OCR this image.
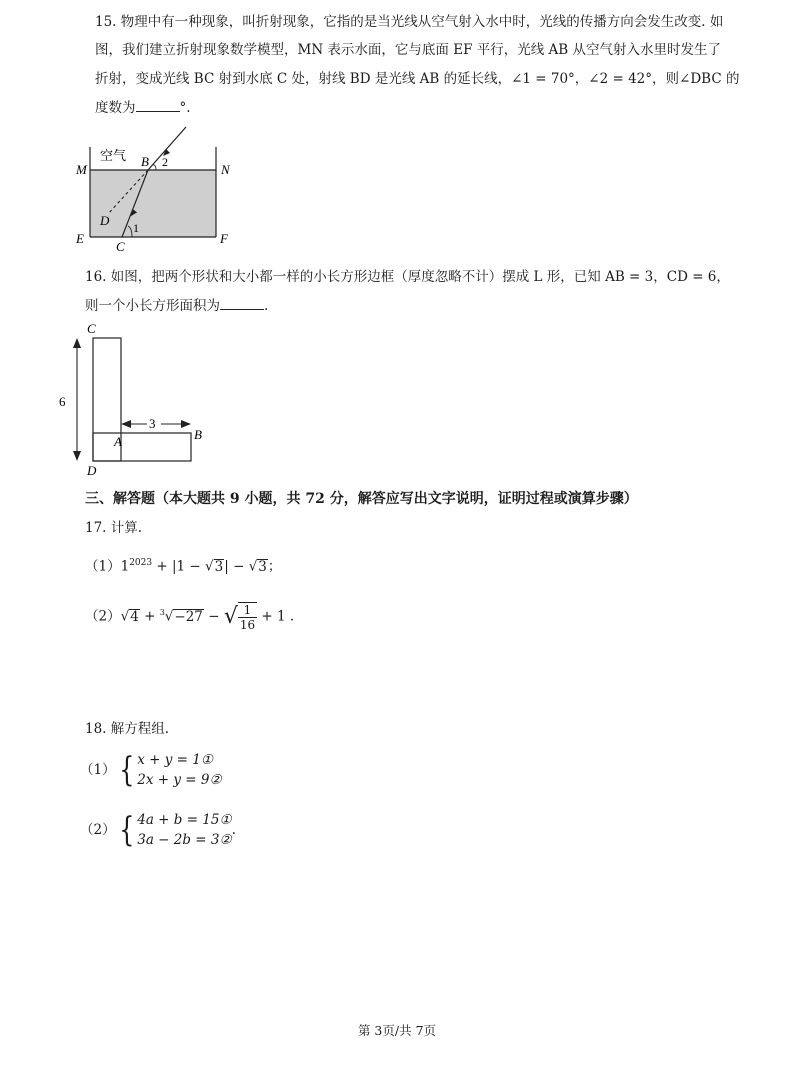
15. 物理中有一种现象，叫折射现象，它指的是当光线从空气射入水中时，光线的传播方向会发生改变. 如
图，我们建立折射现象数学模型，MN 表示水面，它与底面 EF 平行，光线 AB 从空气射入水里时发生了
折射，变成光线 BC 射到水底 C 处，射线 BD 是光线 AB 的延长线，∠1 = 70°，∠2 = 42°，则∠DBC 的
度数为	°.
空气
M	N
B 2
D 1
E
C
F
16. 如图，把两个形状和大小都一样的小长方形边框（厚度忽略不计）摆成 L 形，已知 AB = 3，CD = 6，
则一个小长方形面积为	.
C
6
3
A	B
D
三、解答题（本大题共 9 小题，共 72 分，解答应写出文字说明，证明过程或演算步骤）
17. 计算.
$(1)1^{2023} + |1 - √3| - √3$；
（2）√4 + $^3$√−27 − √ $\frac{1}{16} + 1$ .
18. 解方程组.
（1）{ x + y = 1①
2x + y = 9②
（2）{ 4a + b = 15①
3a − 2b = 3②
.
第 3页/共 7页
